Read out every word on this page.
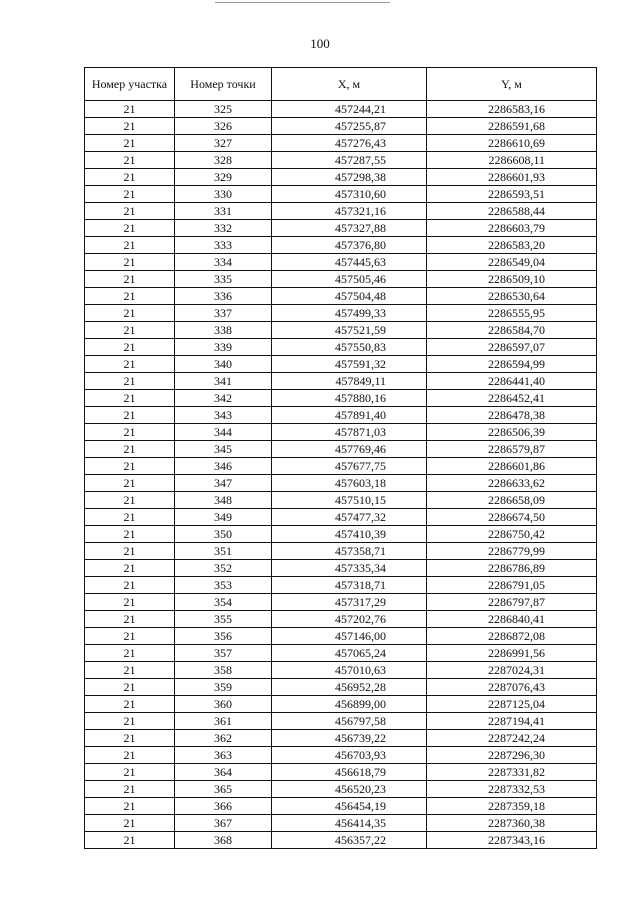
100
Номер участка	Номер точки	X, м	Y, м
21	325	457244,21	2286583,16
21	326	457255,87	2286591,68
21	327	457276,43	2286610,69
21	328	457287,55	2286608,11
21	329	457298,38	2286601,93
21	330	457310,60	2286593,51
21	331	457321,16	2286588,44
21	332	457327,88	2286603,79
21	333	457376,80	2286583,20
21	334	457445,63	2286549,04
21	335	457505,46	2286509,10
21	336	457504,48	2286530,64
21	337	457499,33	2286555,95
21	338	457521,59	2286584,70
21	339	457550,83	2286597,07
21	340	457591,32	2286594,99
21	341	457849,11	2286441,40
21	342	457880,16	2286452,41
21	343	457891,40	2286478,38
21	344	457871,03	2286506,39
21	345	457769,46	2286579,87
21	346	457677,75	2286601,86
21	347	457603,18	2286633,62
21	348	457510,15	2286658,09
21	349	457477,32	2286674,50
21	350	457410,39	2286750,42
21	351	457358,71	2286779,99
21	352	457335,34	2286786,89
21	353	457318,71	2286791,05
21	354	457317,29	2286797,87
21	355	457202,76	2286840,41
21	356	457146,00	2286872,08
21	357	457065,24	2286991,56
21	358	457010,63	2287024,31
21	359	456952,28	2287076,43
21	360	456899,00	2287125,04
21	361	456797,58	2287194,41
21	362	456739,22	2287242,24
21	363	456703,93	2287296,30
21	364	456618,79	2287331,82
21	365	456520,23	2287332,53
21	366	456454,19	2287359,18
21	367	456414,35	2287360,38
21	368	456357,22	2287343,16
